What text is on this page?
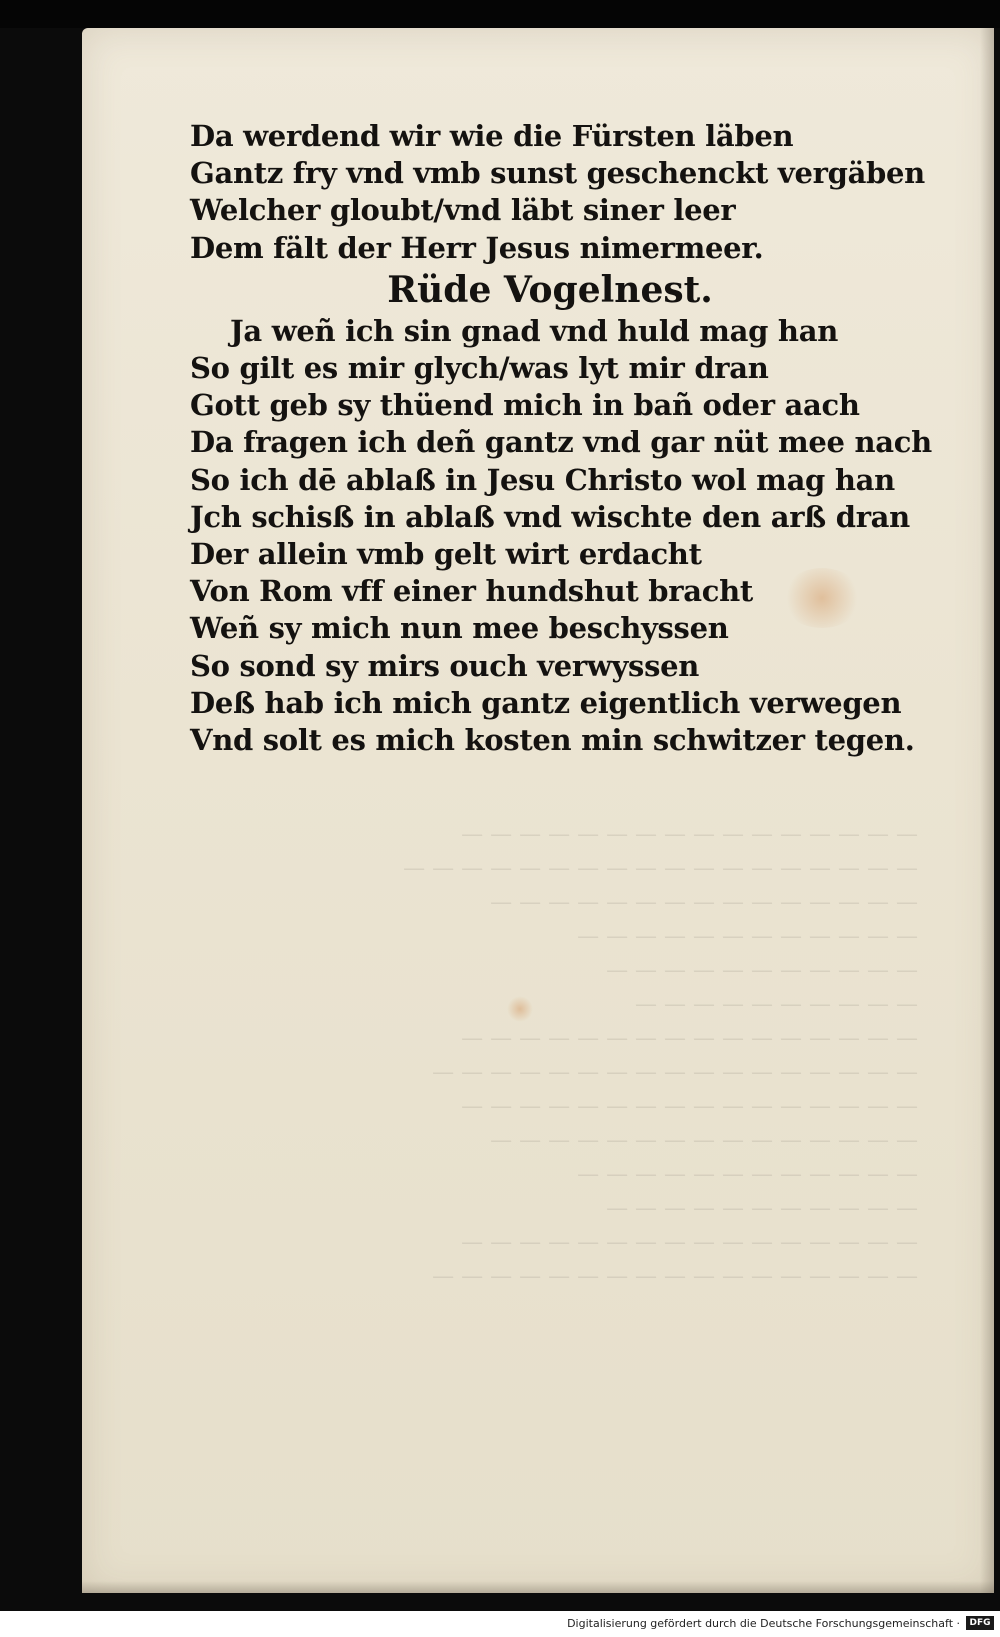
— — — — — — — — — — — — — — — —
— — — — — — — — — — — — — — — — — —
— — — — — — — — — — — — — — —
— — — — — — — — — — — —
— — — — — — — — — — —
— — — — — — — — — —
— — — — — — — — — — — — — — — —
— — — — — — — — — — — — — — — — —
— — — — — — — — — — — — — — — —
— — — — — — — — — — — — — — —
— — — — — — — — — — — —
— — — — — — — — — — —
— — — — — — — — — — — — — — — —
— — — — — — — — — — — — — — — — —
Da werdend wir wie die Fürsten läben
Gantz fry vnd vmb sunst geschenckt vergäben
Welcher gloubt/vnd läbt siner leer
Dem fält der Herr Jesus nimermeer.
Rüde Vogelnest.
Ja weñ ich sin gnad vnd huld mag han
So gilt es mir glych/was lyt mir dran
Gott geb sy thüend mich in bañ oder aach
Da fragen ich deñ gantz vnd gar nüt mee nach
So ich dē ablaß in Jesu Christo wol mag han
Jch schisß in ablaß vnd wischte den arß dran
Der allein vmb gelt wirt erdacht
Von Rom vff einer hundshut bracht
Weñ sy mich nun mee beschyssen
So sond sy mirs ouch verwyssen
Deß hab ich mich gantz eigentlich verwegen
Vnd solt es mich kosten min schwitzer tegen.
Digitalisierung gefördert durch die Deutsche Forschungsgemeinschaft ·	DFG
